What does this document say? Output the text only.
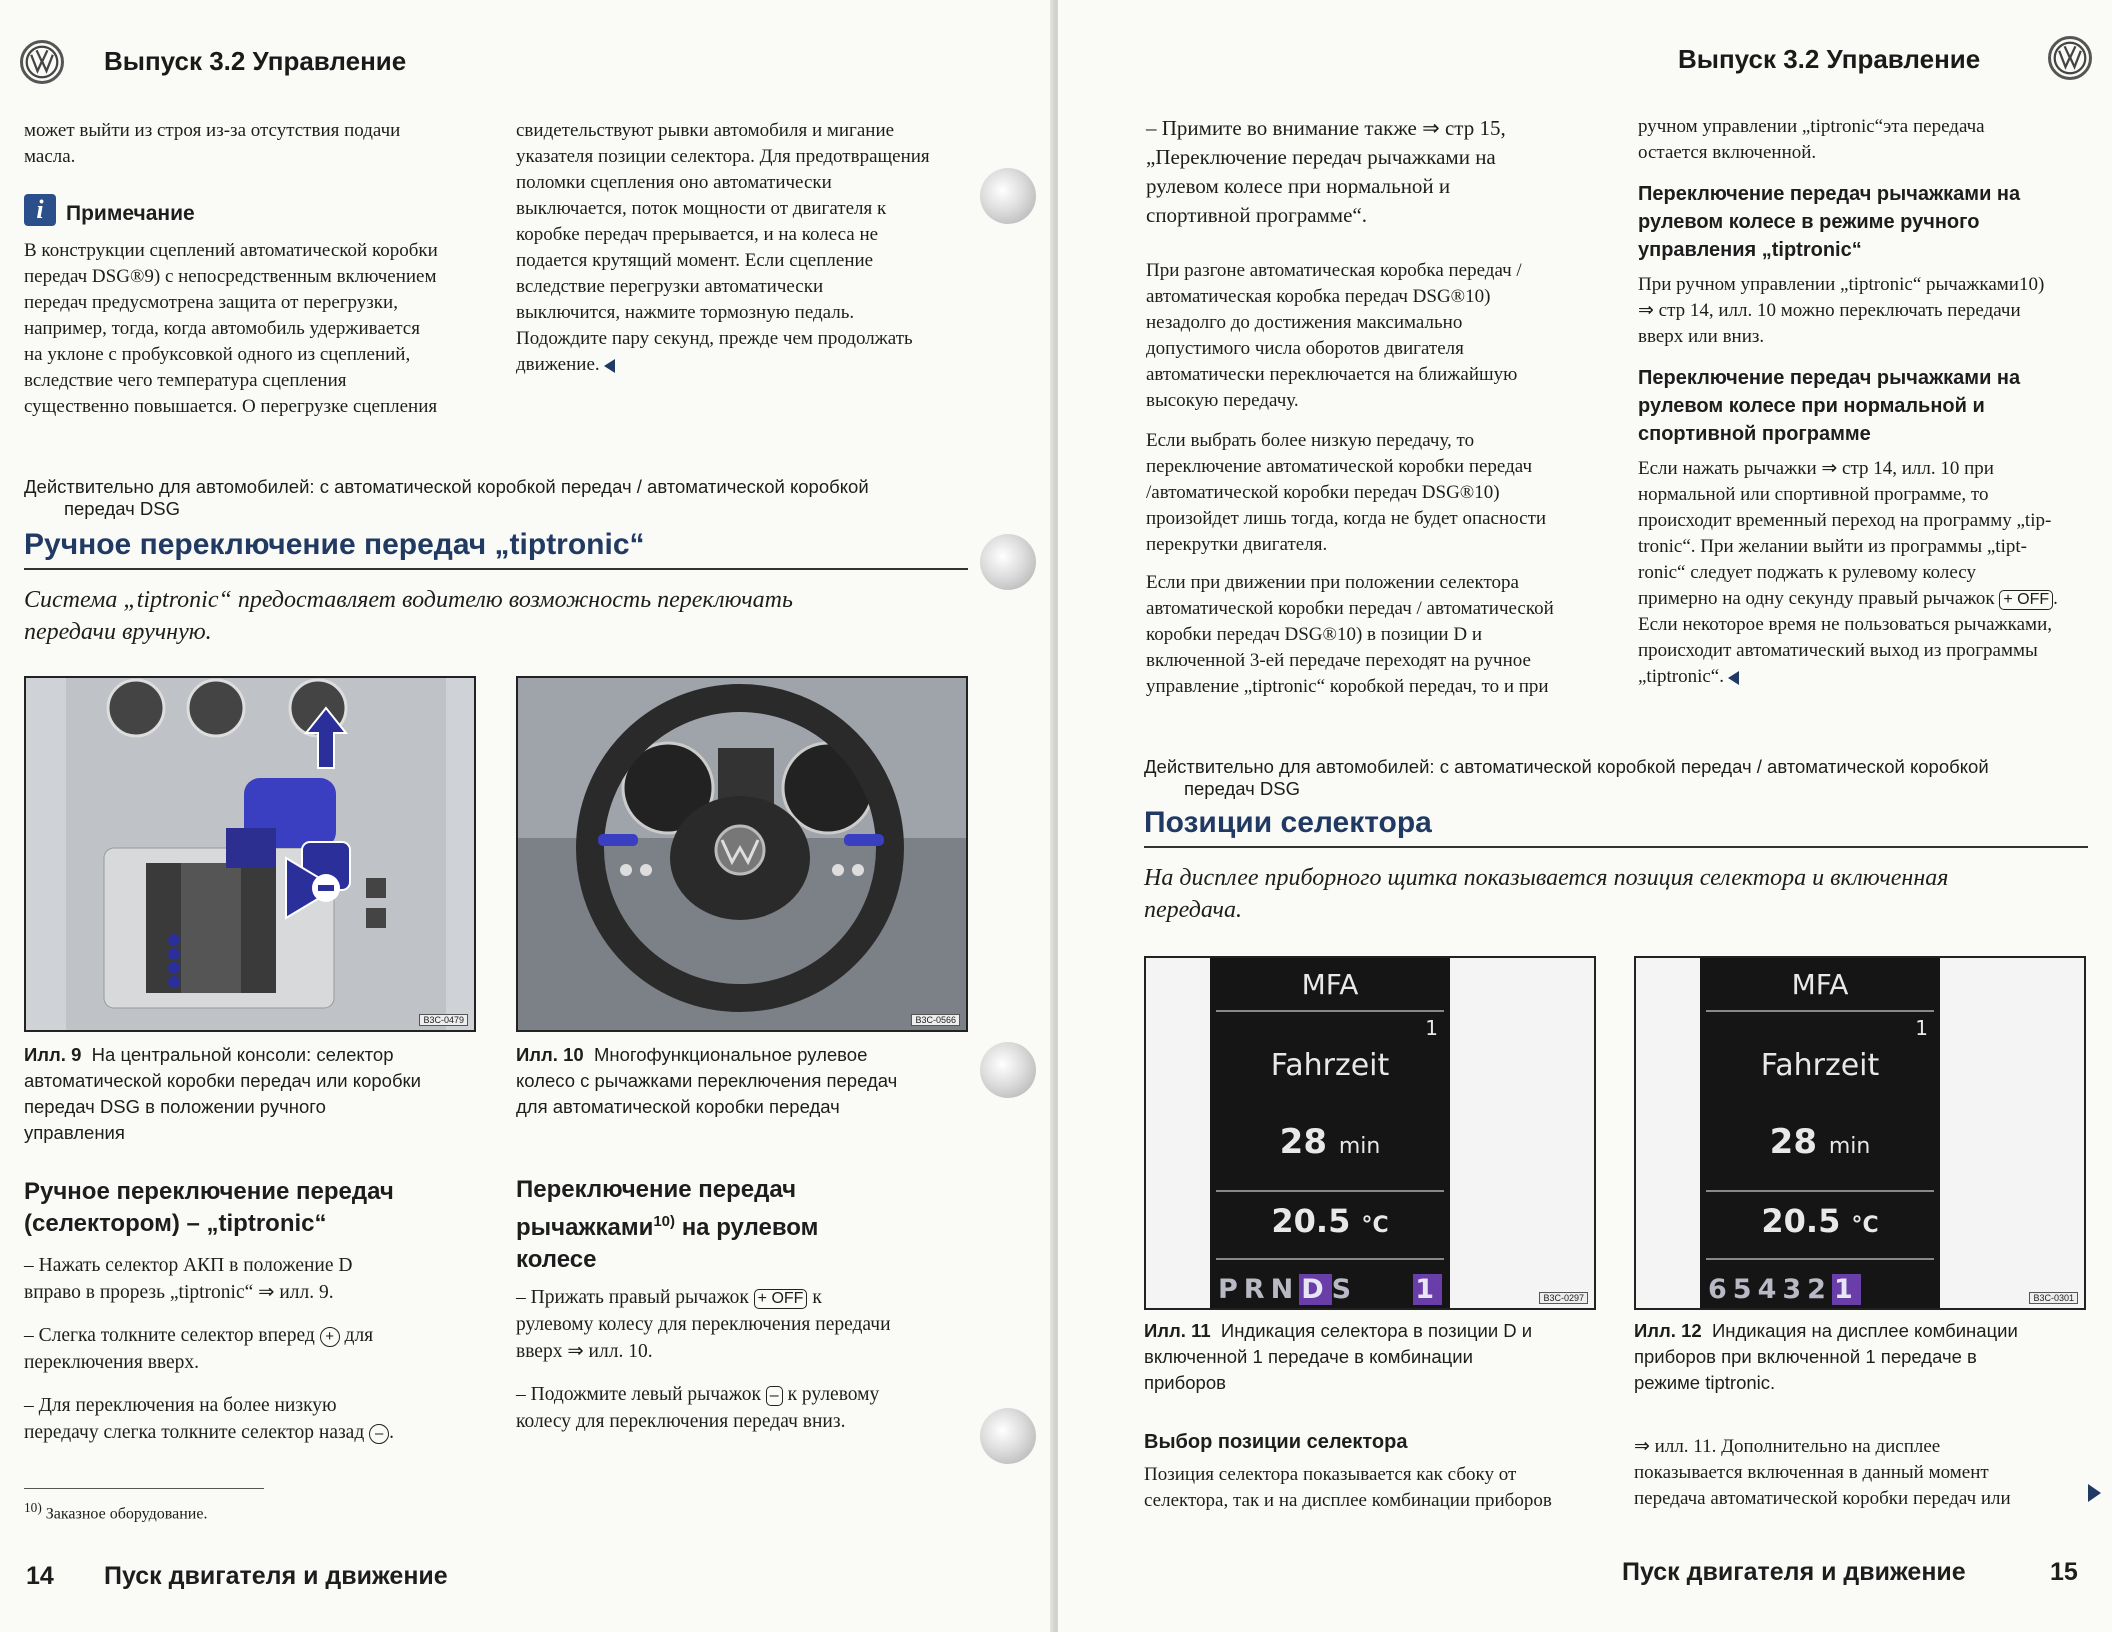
Выпуск 3.2 Управление
может выйти из строя из-за отсутствия подачи
масла.
i	Примечание
В конструкции сцеплений автоматической коробки
передач DSG®9) с непосредственным включением
передач предусмотрена защита от перегрузки,
например, тогда, когда автомобиль удерживается
на уклоне с пробуксовкой одного из сцеплений,
вследствие чего температура сцепления
существенно повышается. О перегрузке сцепления
свидетельствуют рывки автомобиля и мигание
указателя позиции селектора. Для предотвращения
поломки сцепления оно автоматически
выключается, поток мощности от двигателя к
коробке передач прерывается, и на колеса не
подается крутящий момент. Если сцепление
вследствие перегрузки автоматически
выключится, нажмите тормозную педаль.
Подождите пару секунд, прежде чем продолжать
движение.
Действительно для автомобилей: с автоматической коробкой передач / автоматической коробкой
передач DSG
Ручное переключение передач „tiptronic“
Система „tiptronic“ предоставляет водителю возможность переключать
передачи вручную.
B3C-0479	B3C-0566
Илл. 9 На центральной консоли: селектор
автоматической коробки передач или коробки
передач DSG в положении ручного
управления
Илл. 10 Многофункциональное рулевое
колесо с рычажками переключения передач
для автоматической коробки передач
Ручное переключение передач
(селектором) – „tiptronic“
– Нажать селектор АКП в положение D
вправо в прорезь „tiptronic“ ⇒ илл. 9.
– Слегка толкните селектор вперед + для
переключения вверх.
– Для переключения на более низкую
передачу слегка толкните селектор назад – .
Переключение передач
рычажками$^{10)}$ на рулевом
колесе
– Прижать правый рычажок + OFF к
рулевому колесу для переключения передачи
вверх ⇒ илл. 10.
– Подожмите левый рычажок – к рулевому
колесу для переключения передач вниз.
$^{10)}$ Заказное оборудование.
14 Пуск двигателя и движение
Выпуск 3.2 Управление
– Примите во внимание также ⇒ стр 15,
„Переключение передач рычажками на
рулевом колесе при нормальной и
спортивной программе“.
При разгоне автоматическая коробка передач /
автоматическая коробка передач DSG®10)
незадолго до достижения максимально
допустимого числа оборотов двигателя
автоматически переключается на ближайшую
высокую передачу.
Если выбрать более низкую передачу, то
переключение автоматической коробки передач
/автоматической коробки передач DSG®10)
произойдет лишь тогда, когда не будет опасности
перекрутки двигателя.
Если при движении при положении селектора
автоматической коробки передач / автоматической
коробки передач DSG®10) в позиции D и
включенной 3-ей передаче переходят на ручное
управление „tiptronic“ коробкой передач, то и при
ручном управлении „tiptronic“эта передача
остается включенной.
Переключение передач рычажками на
рулевом колесе в режиме ручного
управления „tiptronic“
При ручном управлении „tiptronic“ рычажками10)
⇒ стр 14, илл. 10 можно переключать передачи
вверх или вниз.
Переключение передач рычажками на
рулевом колесе при нормальной и
спортивной программе
Если нажать рычажки ⇒ стр 14, илл. 10 при
нормальной или спортивной программе, то
происходит временный переход на программу „tip-
tronic“. При желании выйти из программы „tipt-
ronic“ следует поджать к рулевому колесу
примерно на одну секунду правый рычажок + OFF .
Если некоторое время не пользоваться рычажками,
происходит автоматический выход из программы
„tiptronic“.
Действительно для автомобилей: с автоматической коробкой передач / автоматической коробкой
передач DSG
Позиции селектора
На дисплее приборного щитка показывается позиция селектора и включенная
передача.
MFA
1
Fahrzeit
28 min
20.5 °C
PRN D S 1	B3C-0297
MFA
1
Fahrzeit
28 min
20.5 °C
65432 1	B3C-0301
Илл. 11 Индикация селектора в позиции D и
включенной 1 передаче в комбинации
приборов
Илл. 12 Индикация на дисплее комбинации
приборов при включенной 1 передаче в
режиме tiptronic.
Выбор позиции селектора
Позиция селектора показывается как сбоку от
селектора, так и на дисплее комбинации приборов
⇒ илл. 11. Дополнительно на дисплее
показывается включенная в данный момент
передача автоматической коробки передач или
Пуск двигателя и движение	15
